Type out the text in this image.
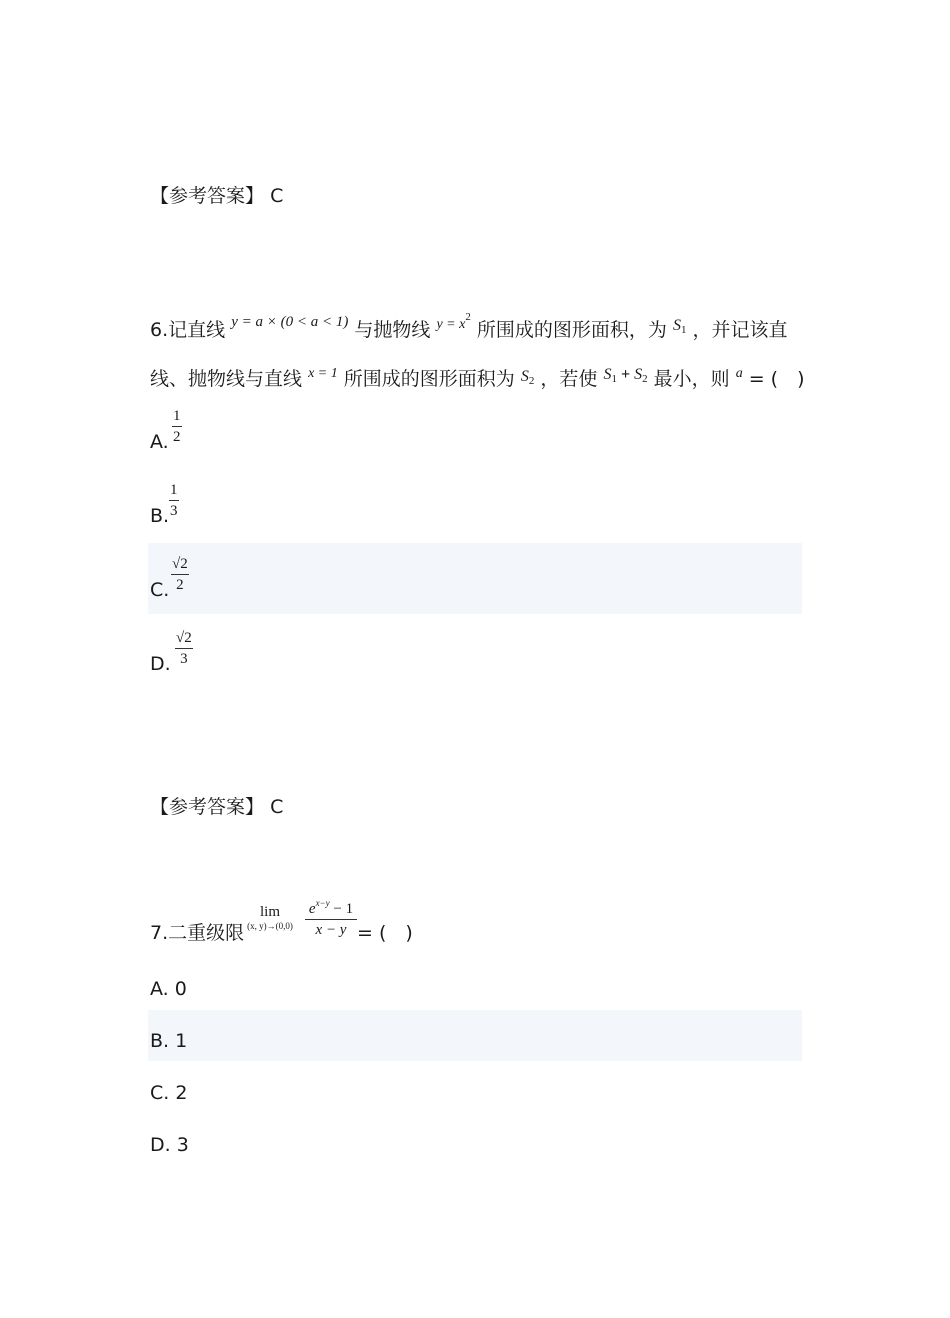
【参考答案】 C
6.记直线 $^{y = a \times (0 < a < 1)}$ 与抛物线 $^{y = x^2}$ 所围成的图形面积，为 $^{S_1}$ ，并记该直
线、抛物线与直线 $^{x = 1}$ 所围成的图形面积为 $^{S_2}$ ，若使 $^{S_1 + S_2}$ 最小，则 $^a$ = (　)
A. $\frac{1}{2}$
B. $\frac{1}{3}$
C. $\frac{√2}{2}$
D. $\frac{√2}{3}$
【参考答案】 C
7.二重级限
lim
(x, y)→(0,0)
$e^{x-y} - 1$
x − y = (　)
A. 0
B. 1
C. 2
D. 3
